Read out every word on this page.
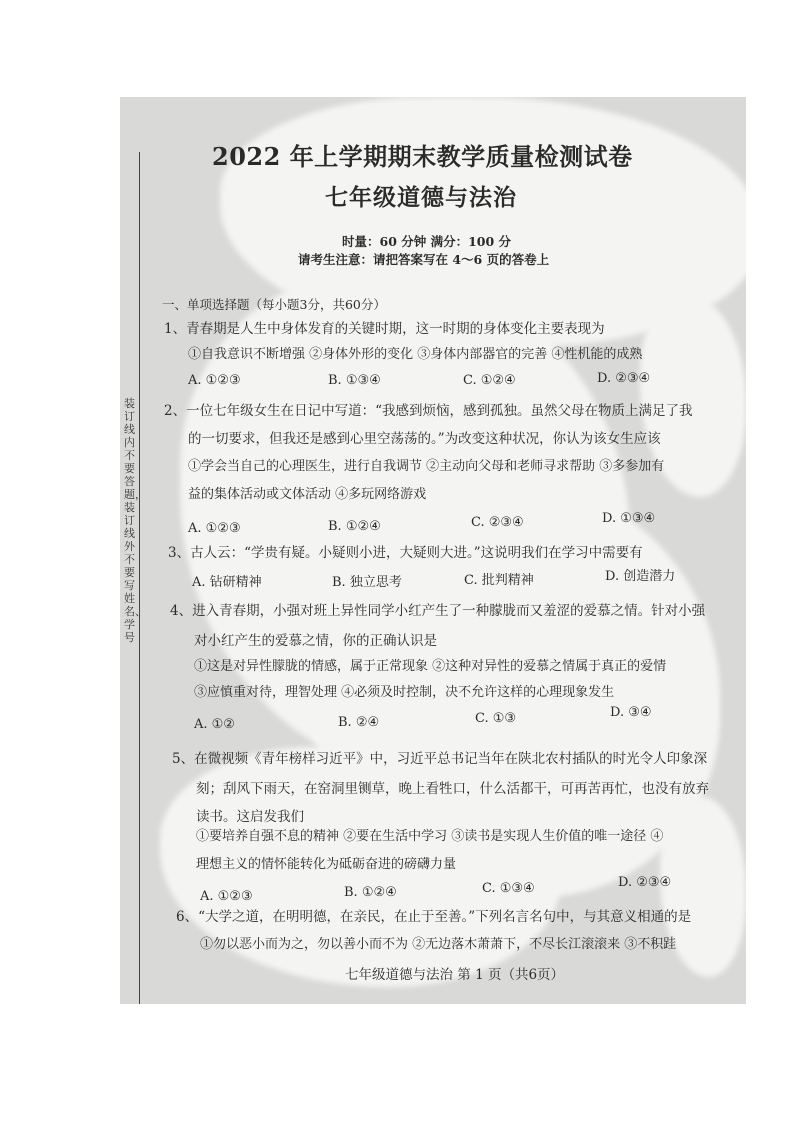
装订线内不要答题，装订线外不要写姓名、学号
2022 年上学期期末教学质量检测试卷
七年级道德与法治
时量：60 分钟 满分：100 分
请考生注意：请把答案写在 4～6 页的答卷上
一、单项选择题（每小题3分，共60分）
1、青春期是人生中身体发育的关键时期，这一时期的身体变化主要表现为
①自我意识不断增强 ②身体外形的变化 ③身体内部器官的完善 ④性机能的成熟
A. ①②③	B. ①③④	C. ①②④	D. ②③④
2、一位七年级女生在日记中写道：“我感到烦恼，感到孤独。虽然父母在物质上满足了我
的一切要求，但我还是感到心里空荡荡的。”为改变这种状况，你认为该女生应该
①学会当自己的心理医生，进行自我调节 ②主动向父母和老师寻求帮助 ③多参加有
益的集体活动或文体活动 ④多玩网络游戏
A. ①②③	B. ①②④	C. ②③④	D. ①③④
3、古人云：“学贵有疑。小疑则小进，大疑则大进。”这说明我们在学习中需要有
A. 钻研精神	B. 独立思考	C. 批判精神	D. 创造潜力
4、进入青春期，小强对班上异性同学小红产生了一种朦胧而又羞涩的爱慕之情。针对小强
对小红产生的爱慕之情，你的正确认识是
①这是对异性朦胧的情感，属于正常现象 ②这种对异性的爱慕之情属于真正的爱情
③应慎重对待，理智处理 ④必须及时控制，决不允许这样的心理现象发生
A. ①②	B. ②④	C. ①③	D. ③④
5、在微视频《青年榜样习近平》中，习近平总书记当年在陕北农村插队的时光令人印象深
刻；刮风下雨天，在窑洞里铡草，晚上看牲口，什么活都干，可再苦再忙，也没有放弃
读书。这启发我们
①要培养自强不息的精神 ②要在生活中学习 ③读书是实现人生价值的唯一途径 ④
理想主义的情怀能转化为砥砺奋进的磅礴力量
A. ①②③	B. ①②④	C. ①③④	D. ②③④
6、“大学之道，在明明德，在亲民，在止于至善。”下列名言名句中，与其意义相通的是
①勿以恶小而为之，勿以善小而不为 ②无边落木萧萧下，不尽长江滚滚来 ③不积跬
七年级道德与法治 第 1 页（共6页）
